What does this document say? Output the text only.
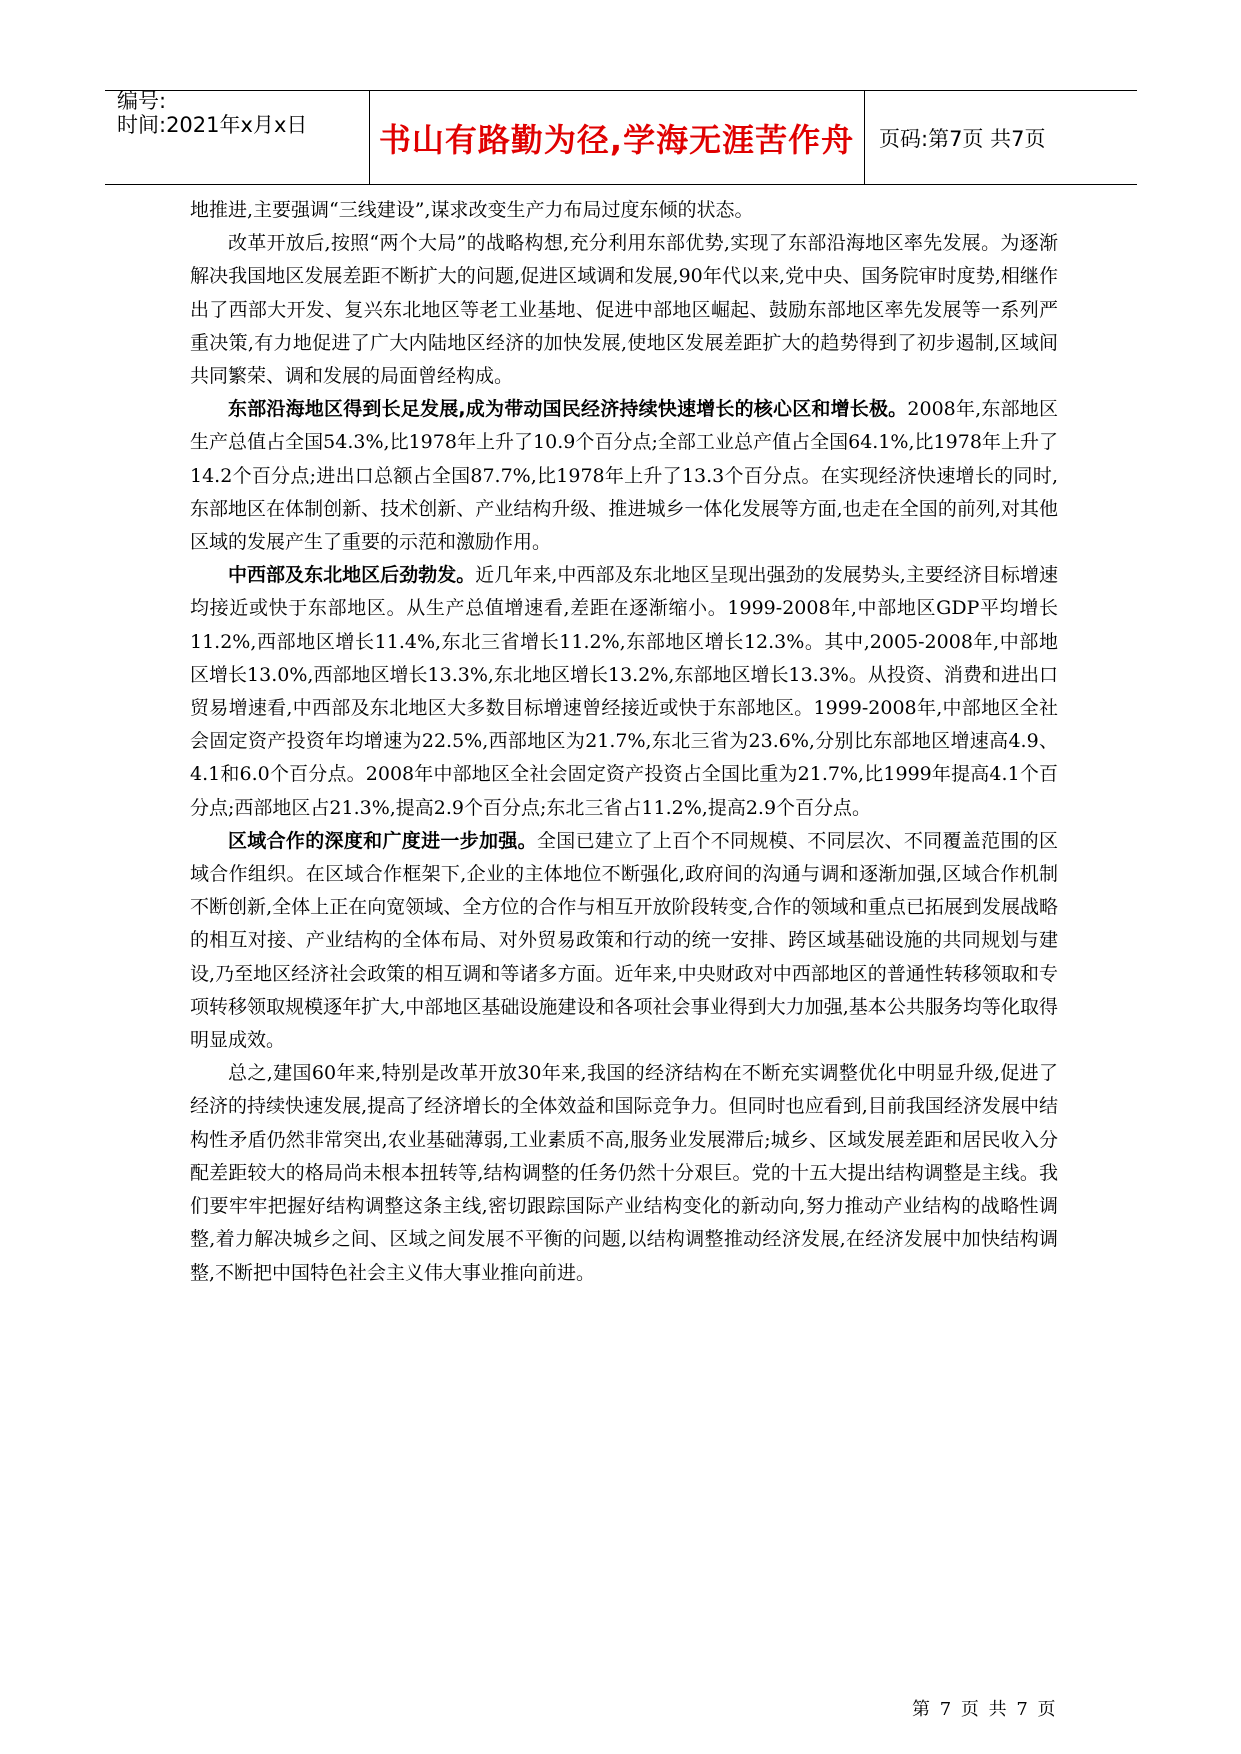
编号:
时间:2021年x月x日 书山有路勤为径,学海无涯苦作舟 页码:第7页 共7页

地推进,主要强调“三线建设”,谋求改变生产力布局过度东倾的状态。

改革开放后,按照“两个大局”的战略构想,充分利用东部优势,实现了东部沿海地区率先发展。为逐渐解决我国地区发展差距不断扩大的问题,促进区域调和发展,90年代以来,党中央、国务院审时度势,相继作出了西部大开发、复兴东北地区等老工业基地、促进中部地区崛起、鼓励东部地区率先发展等一系列严重决策,有力地促进了广大内陆地区经济的加快发展,使地区发展差距扩大的趋势得到了初步遏制,区域间共同繁荣、调和发展的局面曾经构成。

东部沿海地区得到长足发展,成为带动国民经济持续快速增长的核心区和增长极。2008年,东部地区生产总值占全国54.3%,比1978年上升了10.9个百分点;全部工业总产值占全国64.1%,比1978年上升了14.2个百分点;进出口总额占全国87.7%,比1978年上升了13.3个百分点。在实现经济快速增长的同时,东部地区在体制创新、技术创新、产业结构升级、推进城乡一体化发展等方面,也走在全国的前列,对其他区域的发展产生了重要的示范和激励作用。

中西部及东北地区后劲勃发。近几年来,中西部及东北地区呈现出强劲的发展势头,主要经济目标增速均接近或快于东部地区。从生产总值增速看,差距在逐渐缩小。1999-2008年,中部地区GDP平均增长11.2%,西部地区增长11.4%,东北三省增长11.2%,东部地区增长12.3%。其中,2005-2008年,中部地区增长13.0%,西部地区增长13.3%,东北地区增长13.2%,东部地区增长13.3%。从投资、消费和进出口贸易增速看,中西部及东北地区大多数目标增速曾经接近或快于东部地区。1999-2008年,中部地区全社会固定资产投资年均增速为22.5%,西部地区为21.7%,东北三省为23.6%,分别比东部地区增速高4.9、4.1和6.0个百分点。2008年中部地区全社会固定资产投资占全国比重为21.7%,比1999年提高4.1个百分点;西部地区占21.3%,提高2.9个百分点;东北三省占11.2%,提高2.9个百分点。

区域合作的深度和广度进一步加强。全国已建立了上百个不同规模、不同层次、不同覆盖范围的区域合作组织。在区域合作框架下,企业的主体地位不断强化,政府间的沟通与调和逐渐加强,区域合作机制不断创新,全体上正在向宽领域、全方位的合作与相互开放阶段转变,合作的领域和重点已拓展到发展战略的相互对接、产业结构的全体布局、对外贸易政策和行动的统一安排、跨区域基础设施的共同规划与建设,乃至地区经济社会政策的相互调和等诸多方面。近年来,中央财政对中西部地区的普通性转移领取和专项转移领取规模逐年扩大,中部地区基础设施建设和各项社会事业得到大力加强,基本公共服务均等化取得明显成效。

总之,建国60年来,特别是改革开放30年来,我国的经济结构在不断充实调整优化中明显升级,促进了经济的持续快速发展,提高了经济增长的全体效益和国际竞争力。但同时也应看到,目前我国经济发展中结构性矛盾仍然非常突出,农业基础薄弱,工业素质不高,服务业发展滞后;城乡、区域发展差距和居民收入分配差距较大的格局尚未根本扭转等,结构调整的任务仍然十分艰巨。党的十五大提出结构调整是主线。我们要牢牢把握好结构调整这条主线,密切跟踪国际产业结构变化的新动向,努力推动产业结构的战略性调整,着力解决城乡之间、区域之间发展不平衡的问题,以结构调整推动经济发展,在经济发展中加快结构调整,不断把中国特色社会主义伟大事业推向前进。

第 7 页 共 7 页
